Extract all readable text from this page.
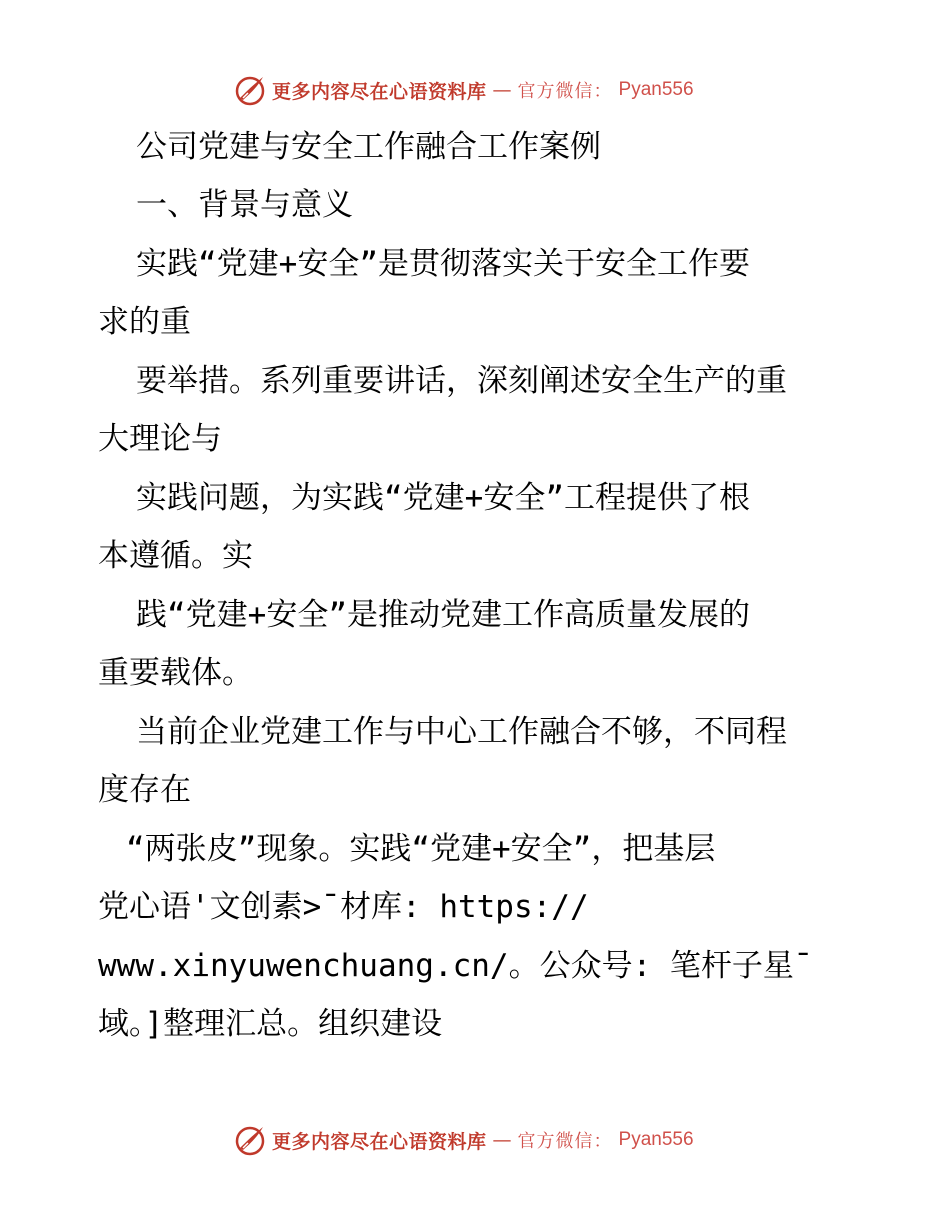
更多内容尽在心语资料库 — 官方微信： Pyan556
公司党建与安全工作融合工作案例
一、背景与意义
实践“党建+安全”是贯彻落实关于安全工作要
求的重
要举措。系列重要讲话，深刻阐述安全生产的重
大理论与
实践问题，为实践“党建+安全”工程提供了根
本遵循。实
践“党建+安全”是推动党建工作高质量发展的
重要载体。
当前企业党建工作与中心工作融合不够，不同程
度存在
“两张皮”现象。实践“党建+安全”，把基层
党心语'文创素>¯材库: https://
www.xinyuwenchuang.cn/。公众号: 笔杆子星¯
域。]整理汇总。组织建设
更多内容尽在心语资料库 — 官方微信： Pyan556
